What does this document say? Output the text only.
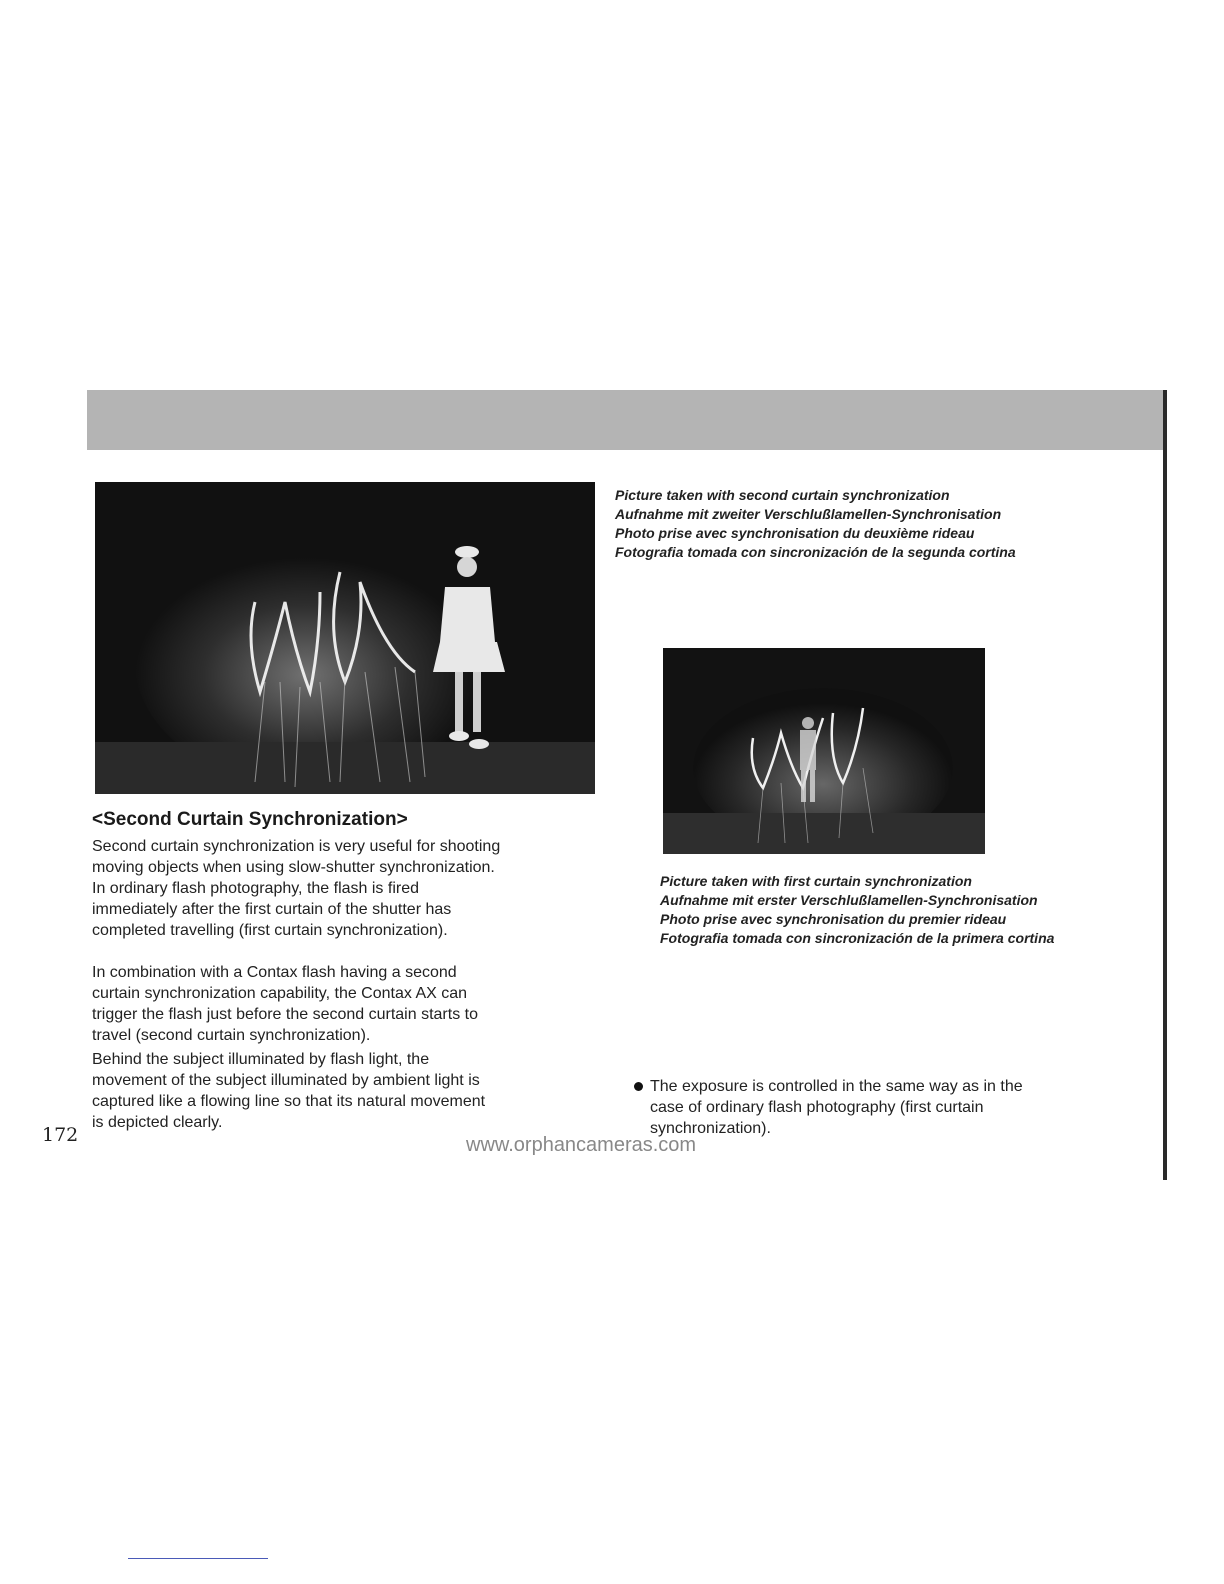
Picture taken with second curtain synchronization
Aufnahme mit zweiter Verschlußlamellen-Synchronisation
Photo prise avec synchronisation du deuxième rideau
Fotografia tomada con sincronización de la segunda cortina
Picture taken with first curtain synchronization
Aufnahme mit erster Verschlußlamellen-Synchronisation
Photo prise avec synchronisation du premier rideau
Fotografia tomada con sincronización de la primera cortina
<Second Curtain Synchronization>
Second curtain synchronization is very useful for shooting
moving objects when using slow-shutter synchronization.
In ordinary flash photography, the flash is fired
immediately after the first curtain of the shutter has
completed travelling (first curtain synchronization).
In combination with a Contax flash having a second
curtain synchronization capability, the Contax AX can
trigger the flash just before the second curtain starts to
travel (second curtain synchronization).
Behind the subject illuminated by flash light, the
movement of the subject illuminated by ambient light is
captured like a flowing line so that its natural movement
is depicted clearly.
The exposure is controlled in the same way as in the
case of ordinary flash photography (first curtain
synchronization).
172	www.orphancameras.com
